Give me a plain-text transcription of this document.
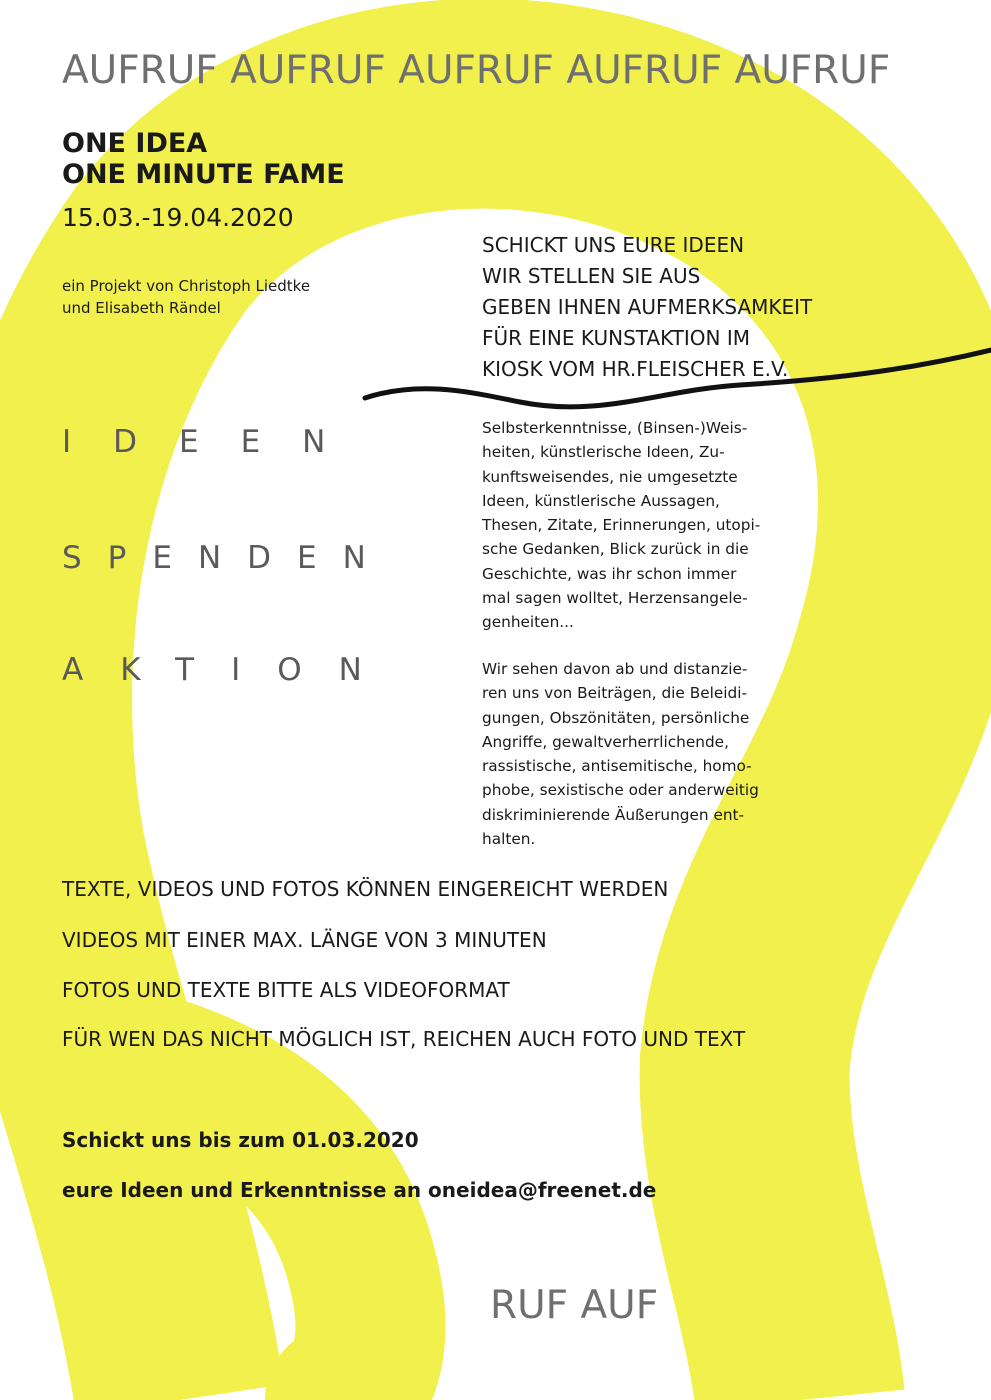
AUFRUF AUFRUF AUFRUF AUFRUF AUFRUF
ONE IDEA
ONE MINUTE FAME
15.03.-19.04.2020
ein Projekt von Christoph Liedtke
und Elisabeth Rändel
SCHICKT UNS EURE IDEEN
WIR STELLEN SIE AUS
GEBEN IHNEN AUFMERKSAMKEIT
FÜR EINE KUNSTAKTION IM
KIOSK VOM HR.FLEISCHER E.V.
IDEEN
SPENDEN
AKTION
Selbsterkenntnisse, (Binsen-)Weis-
heiten, künstlerische Ideen, Zu-
kunftsweisendes, nie umgesetzte
Ideen, künstlerische Aussagen,
Thesen, Zitate, Erinnerungen, utopi-
sche Gedanken, Blick zurück in die
Geschichte, was ihr schon immer
mal sagen wolltet, Herzensangele-
genheiten...
Wir sehen davon ab und distanzie-
ren uns von Beiträgen, die Beleidi-
gungen, Obszönitäten, persönliche
Angriffe, gewaltverherrlichende,
rassistische, antisemitische, homo-
phobe, sexistische oder anderweitig
diskriminierende Äußerungen ent-
halten.
TEXTE, VIDEOS UND FOTOS KÖNNEN EINGEREICHT WERDEN
VIDEOS MIT EINER MAX. LÄNGE VON 3 MINUTEN
FOTOS UND TEXTE BITTE ALS VIDEOFORMAT
FÜR WEN DAS NICHT MÖGLICH IST, REICHEN AUCH FOTO UND TEXT
Schickt uns bis zum 01.03.2020
eure Ideen und Erkenntnisse an oneidea@freenet.de
RUF AUF
